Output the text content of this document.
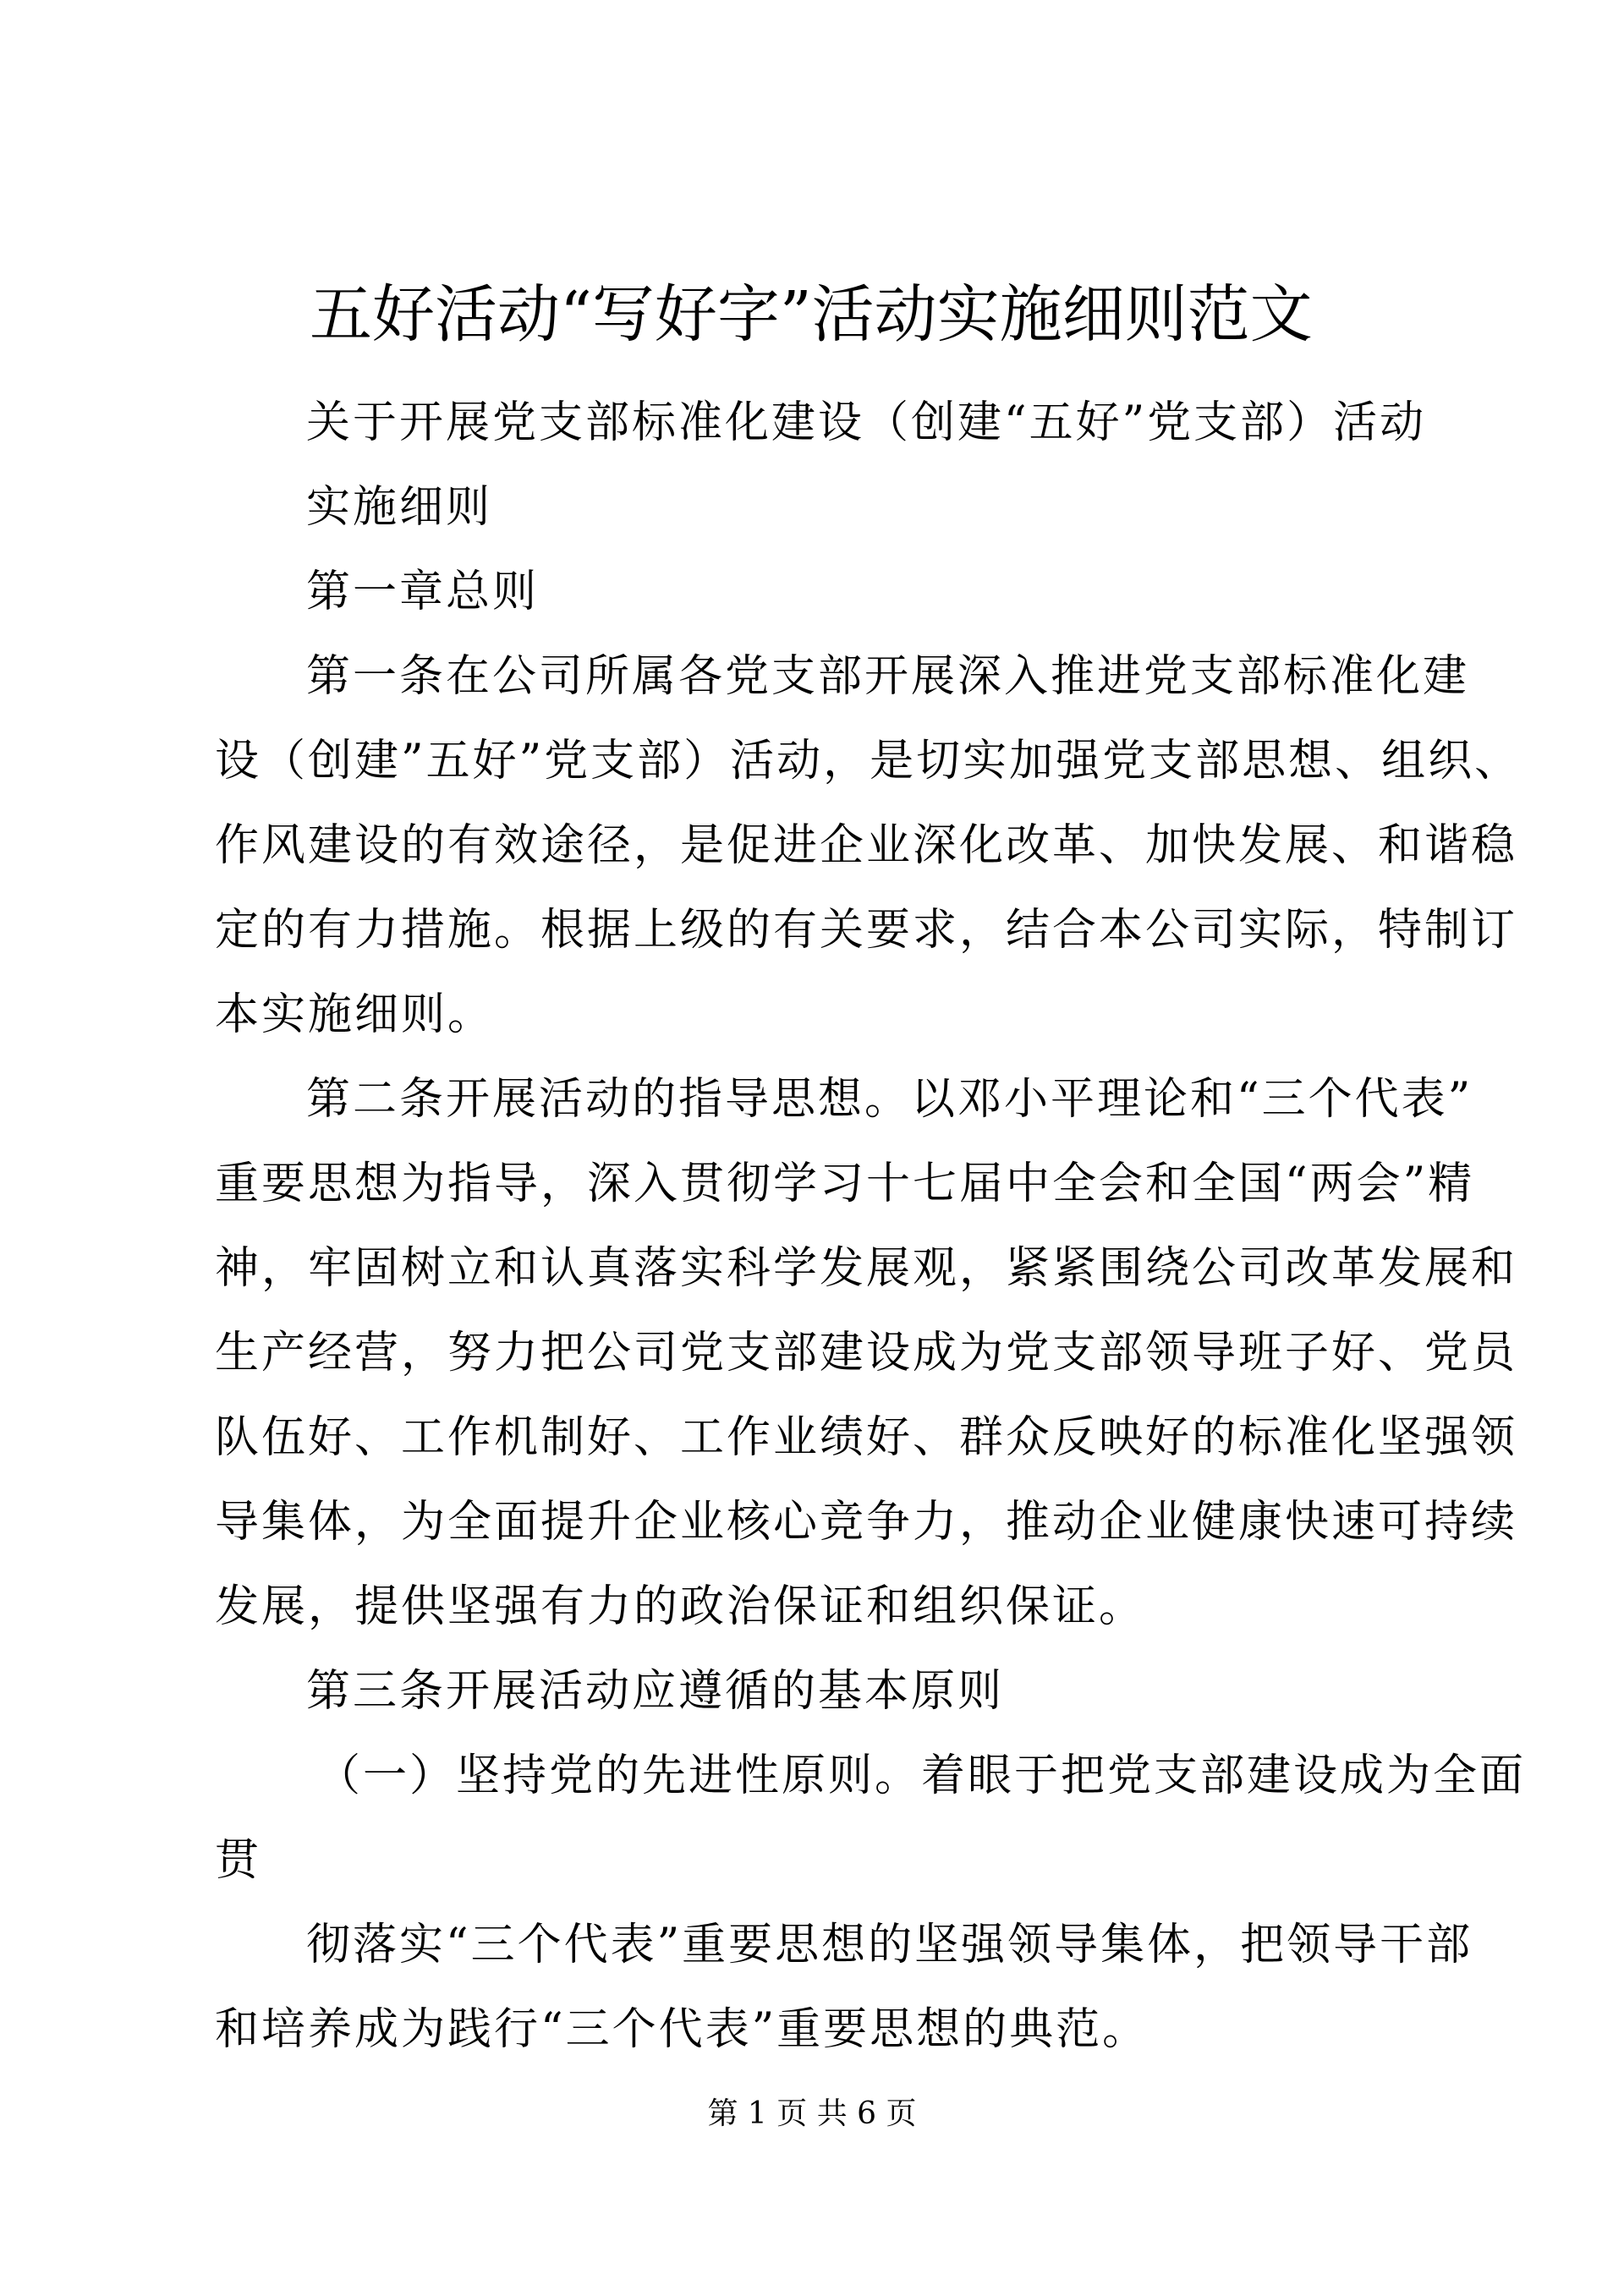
五好活动“写好字”活动实施细则范文
关于开展党支部标准化建设（创建“五好”党支部）活动
实施细则
第一章总则
第一条在公司所属各党支部开展深入推进党支部标准化建
设（创建”五好”党支部）活动，是切实加强党支部思想、组织、
作风建设的有效途径，是促进企业深化改革、加快发展、和谐稳
定的有力措施。根据上级的有关要求，结合本公司实际，特制订
本实施细则。
第二条开展活动的指导思想。以邓小平理论和“三个代表”
重要思想为指导，深入贯彻学习十七届中全会和全国“两会”精
神，牢固树立和认真落实科学发展观，紧紧围绕公司改革发展和
生产经营，努力把公司党支部建设成为党支部领导班子好、党员
队伍好、工作机制好、工作业绩好、群众反映好的标准化坚强领
导集体，为全面提升企业核心竞争力，推动企业健康快速可持续
发展，提供坚强有力的政治保证和组织保证。
第三条开展活动应遵循的基本原则
（一）坚持党的先进性原则。着眼于把党支部建设成为全面
贯
彻落实“三个代表”重要思想的坚强领导集体，把领导干部
和培养成为践行“三个代表”重要思想的典范。
第 1 页 共 6 页
